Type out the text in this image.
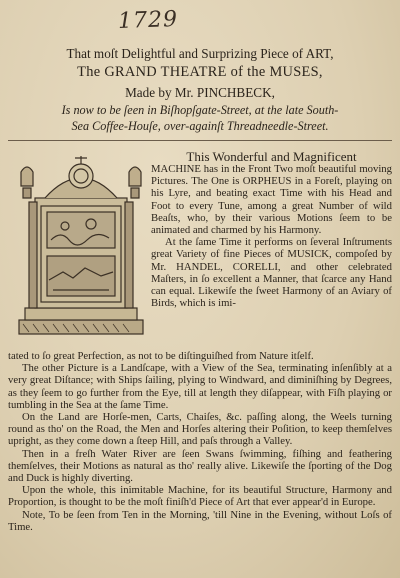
1729
That moſt Delightful and Surprizing Piece of ART,
The GRAND THEATRE of the MUSES,
Made by Mr. PINCHBECK,
Is now to be ſeen in Biſhopſgate-Street, at the late South-
Sea Coffee-Houſe, over-againſt Threadneedle-Street.
This Wonderful and Magnificent

MACHINE has in the Front Two moſt beautiful moving Pictures. The One is ORPHEUS in a Foreſt, playing on his Lyre, and beating exact Time with his Head and Foot to every Tune, among a great Number of wild Beaſts, who, by their various Motions ſeem to be animated and charmed by his Harmony.

At the ſame Time it performs on ſeveral Inſtruments great Variety of fine Pieces of MUSICK, compoſed by Mr. HANDEL, CORELLI, and other celebrated Maſters, in ſo excellent a Manner, that ſcarce any Hand can equal. Likewiſe the ſweet Harmony of an Aviary of Birds, which is imi-

tated to ſo great Perfection, as not to be diſtinguiſhed from Nature itſelf.

The other Picture is a Landſcape, with a View of the Sea, terminating inſenſibly at a very great Diſtance; with Ships ſailing, plying to Windward, and diminiſhing by Degrees, as they ſeem to go further from the Eye, till at length they diſappear, with Fiſh playing or tumbling in the Sea at the ſame Time.

On the Land are Horſe-men, Carts, Chaiſes, &c. paſſing along, the Weels turning round as tho' on the Road, the Men and Horſes altering their Poſition, to keep themſelves upright, as they come down a ſteep Hill, and paſs through a Valley.

Then in a freſh Water River are ſeen Swans ſwimming, fiſhing and feathering themſelves, their Motions as natural as tho' really alive. Likewiſe the ſporting of the Dog and Duck is highly diverting.

Upon the whole, this inimitable Machine, for its beautiful Structure, Harmony and Proportion, is thought to be the moſt finiſh'd Piece of Art that ever appear'd in Europe.

Note, To be ſeen from Ten in the Morning, 'till Nine in the Evening, without Loſs of Time.
